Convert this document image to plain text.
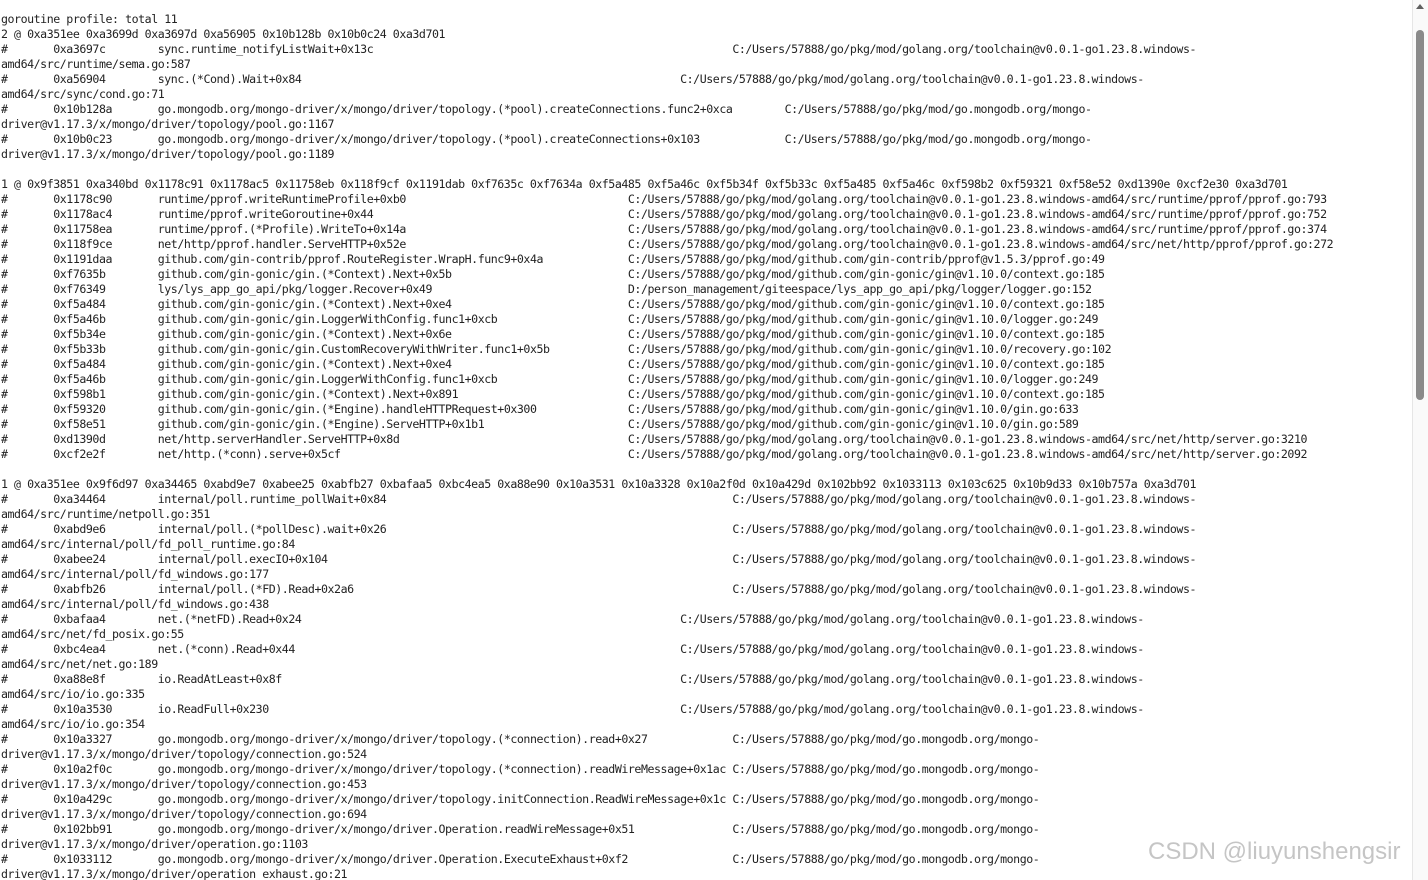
goroutine profile: total 11
2 @ 0xa351ee 0xa3699d 0xa3697d 0xa56905 0x10b128b 0x10b0c24 0xa3d701
#	0xa3697c	sync.runtime_notifyListWait+0x13c							C:/Users/57888/go/pkg/mod/golang.org/toolchain@v0.0.1-go1.23.8.windows-
amd64/src/runtime/sema.go:587
#	0xa56904	sync.(*Cond).Wait+0x84								C:/Users/57888/go/pkg/mod/golang.org/toolchain@v0.0.1-go1.23.8.windows-
amd64/src/sync/cond.go:71
#	0x10b128a	go.mongodb.org/mongo-driver/x/mongo/driver/topology.(*pool).createConnections.func2+0xca	C:/Users/57888/go/pkg/mod/go.mongodb.org/mongo-
driver@v1.17.3/x/mongo/driver/topology/pool.go:1167
#	0x10b0c23	go.mongodb.org/mongo-driver/x/mongo/driver/topology.(*pool).createConnections+0x103		C:/Users/57888/go/pkg/mod/go.mongodb.org/mongo-
driver@v1.17.3/x/mongo/driver/topology/pool.go:1189
1 @ 0x9f3851 0xa340bd 0x1178c91 0x1178ac5 0x11758eb 0x118f9cf 0x1191dab 0xf7635c 0xf7634a 0xf5a485 0xf5a46c 0xf5b34f 0xf5b33c 0xf5a485 0xf5a46c 0xf598b2 0xf59321 0xf58e52 0xd1390e 0xcf2e30 0xa3d701
#	0x1178c90	runtime/pprof.writeRuntimeProfile+0xb0					C:/Users/57888/go/pkg/mod/golang.org/toolchain@v0.0.1-go1.23.8.windows-amd64/src/runtime/pprof/pprof.go:793
#	0x1178ac4	runtime/pprof.writeGoroutine+0x44					C:/Users/57888/go/pkg/mod/golang.org/toolchain@v0.0.1-go1.23.8.windows-amd64/src/runtime/pprof/pprof.go:752
#	0x11758ea	runtime/pprof.(*Profile).WriteTo+0x14a					C:/Users/57888/go/pkg/mod/golang.org/toolchain@v0.0.1-go1.23.8.windows-amd64/src/runtime/pprof/pprof.go:374
#	0x118f9ce	net/http/pprof.handler.ServeHTTP+0x52e					C:/Users/57888/go/pkg/mod/golang.org/toolchain@v0.0.1-go1.23.8.windows-amd64/src/net/http/pprof/pprof.go:272
#	0x1191daa	github.com/gin-contrib/pprof.RouteRegister.WrapH.func9+0x4a		C:/Users/57888/go/pkg/mod/github.com/gin-contrib/pprof@v1.5.3/pprof.go:49
#	0xf7635b	github.com/gin-gonic/gin.(*Context).Next+0x5b				C:/Users/57888/go/pkg/mod/github.com/gin-gonic/gin@v1.10.0/context.go:185
#	0xf76349	lys/lys_app_go_api/pkg/logger.Recover+0x49				D:/person_management/giteespace/lys_app_go_api/pkg/logger/logger.go:152
#	0xf5a484	github.com/gin-gonic/gin.(*Context).Next+0xe4				C:/Users/57888/go/pkg/mod/github.com/gin-gonic/gin@v1.10.0/context.go:185
#	0xf5a46b	github.com/gin-gonic/gin.LoggerWithConfig.func1+0xcb			C:/Users/57888/go/pkg/mod/github.com/gin-gonic/gin@v1.10.0/logger.go:249
#	0xf5b34e	github.com/gin-gonic/gin.(*Context).Next+0x6e				C:/Users/57888/go/pkg/mod/github.com/gin-gonic/gin@v1.10.0/context.go:185
#	0xf5b33b	github.com/gin-gonic/gin.CustomRecoveryWithWriter.func1+0x5b		C:/Users/57888/go/pkg/mod/github.com/gin-gonic/gin@v1.10.0/recovery.go:102
#	0xf5a484	github.com/gin-gonic/gin.(*Context).Next+0xe4				C:/Users/57888/go/pkg/mod/github.com/gin-gonic/gin@v1.10.0/context.go:185
#	0xf5a46b	github.com/gin-gonic/gin.LoggerWithConfig.func1+0xcb			C:/Users/57888/go/pkg/mod/github.com/gin-gonic/gin@v1.10.0/logger.go:249
#	0xf598b1	github.com/gin-gonic/gin.(*Context).Next+0x891				C:/Users/57888/go/pkg/mod/github.com/gin-gonic/gin@v1.10.0/context.go:185
#	0xf59320	github.com/gin-gonic/gin.(*Engine).handleHTTPRequest+0x300		C:/Users/57888/go/pkg/mod/github.com/gin-gonic/gin@v1.10.0/gin.go:633
#	0xf58e51	github.com/gin-gonic/gin.(*Engine).ServeHTTP+0x1b1			C:/Users/57888/go/pkg/mod/github.com/gin-gonic/gin@v1.10.0/gin.go:589
#	0xd1390d	net/http.serverHandler.ServeHTTP+0x8d					C:/Users/57888/go/pkg/mod/golang.org/toolchain@v0.0.1-go1.23.8.windows-amd64/src/net/http/server.go:3210
#	0xcf2e2f	net/http.(*conn).serve+0x5cf						C:/Users/57888/go/pkg/mod/golang.org/toolchain@v0.0.1-go1.23.8.windows-amd64/src/net/http/server.go:2092
1 @ 0xa351ee 0x9f6d97 0xa34465 0xabd9e7 0xabee25 0xabfb27 0xbafaa5 0xbc4ea5 0xa88e90 0x10a3531 0x10a3328 0x10a2f0d 0x10a429d 0x102bb92 0x1033113 0x103c625 0x10b9d33 0x10b757a 0xa3d701
#	0xa34464	internal/poll.runtime_pollWait+0x84							C:/Users/57888/go/pkg/mod/golang.org/toolchain@v0.0.1-go1.23.8.windows-
amd64/src/runtime/netpoll.go:351
#	0xabd9e6	internal/poll.(*pollDesc).wait+0x26							C:/Users/57888/go/pkg/mod/golang.org/toolchain@v0.0.1-go1.23.8.windows-
amd64/src/internal/poll/fd_poll_runtime.go:84
#	0xabee24	internal/poll.execIO+0x104								C:/Users/57888/go/pkg/mod/golang.org/toolchain@v0.0.1-go1.23.8.windows-
amd64/src/internal/poll/fd_windows.go:177
#	0xabfb26	internal/poll.(*FD).Read+0x2a6								C:/Users/57888/go/pkg/mod/golang.org/toolchain@v0.0.1-go1.23.8.windows-
amd64/src/internal/poll/fd_windows.go:438
#	0xbafaa4	net.(*netFD).Read+0x24								C:/Users/57888/go/pkg/mod/golang.org/toolchain@v0.0.1-go1.23.8.windows-
amd64/src/net/fd_posix.go:55
#	0xbc4ea4	net.(*conn).Read+0x44								C:/Users/57888/go/pkg/mod/golang.org/toolchain@v0.0.1-go1.23.8.windows-
amd64/src/net/net.go:189
#	0xa88e8f	io.ReadAtLeast+0x8f								C:/Users/57888/go/pkg/mod/golang.org/toolchain@v0.0.1-go1.23.8.windows-
amd64/src/io/io.go:335
#	0x10a3530	io.ReadFull+0x230								C:/Users/57888/go/pkg/mod/golang.org/toolchain@v0.0.1-go1.23.8.windows-
amd64/src/io/io.go:354
#	0x10a3327	go.mongodb.org/mongo-driver/x/mongo/driver/topology.(*connection).read+0x27		C:/Users/57888/go/pkg/mod/go.mongodb.org/mongo-
driver@v1.17.3/x/mongo/driver/topology/connection.go:524
#	0x10a2f0c	go.mongodb.org/mongo-driver/x/mongo/driver/topology.(*connection).readWireMessage+0x1ac	C:/Users/57888/go/pkg/mod/go.mongodb.org/mongo-
driver@v1.17.3/x/mongo/driver/topology/connection.go:453
#	0x10a429c	go.mongodb.org/mongo-driver/x/mongo/driver/topology.initConnection.ReadWireMessage+0x1c	C:/Users/57888/go/pkg/mod/go.mongodb.org/mongo-
driver@v1.17.3/x/mongo/driver/topology/connection.go:694
#	0x102bb91	go.mongodb.org/mongo-driver/x/mongo/driver.Operation.readWireMessage+0x51		C:/Users/57888/go/pkg/mod/go.mongodb.org/mongo-
driver@v1.17.3/x/mongo/driver/operation.go:1103
#	0x1033112	go.mongodb.org/mongo-driver/x/mongo/driver.Operation.ExecuteExhaust+0xf2		C:/Users/57888/go/pkg/mod/go.mongodb.org/mongo-
driver@v1.17.3/x/mongo/driver/operation_exhaust.go:21
CSDN @liuyunshengsir
